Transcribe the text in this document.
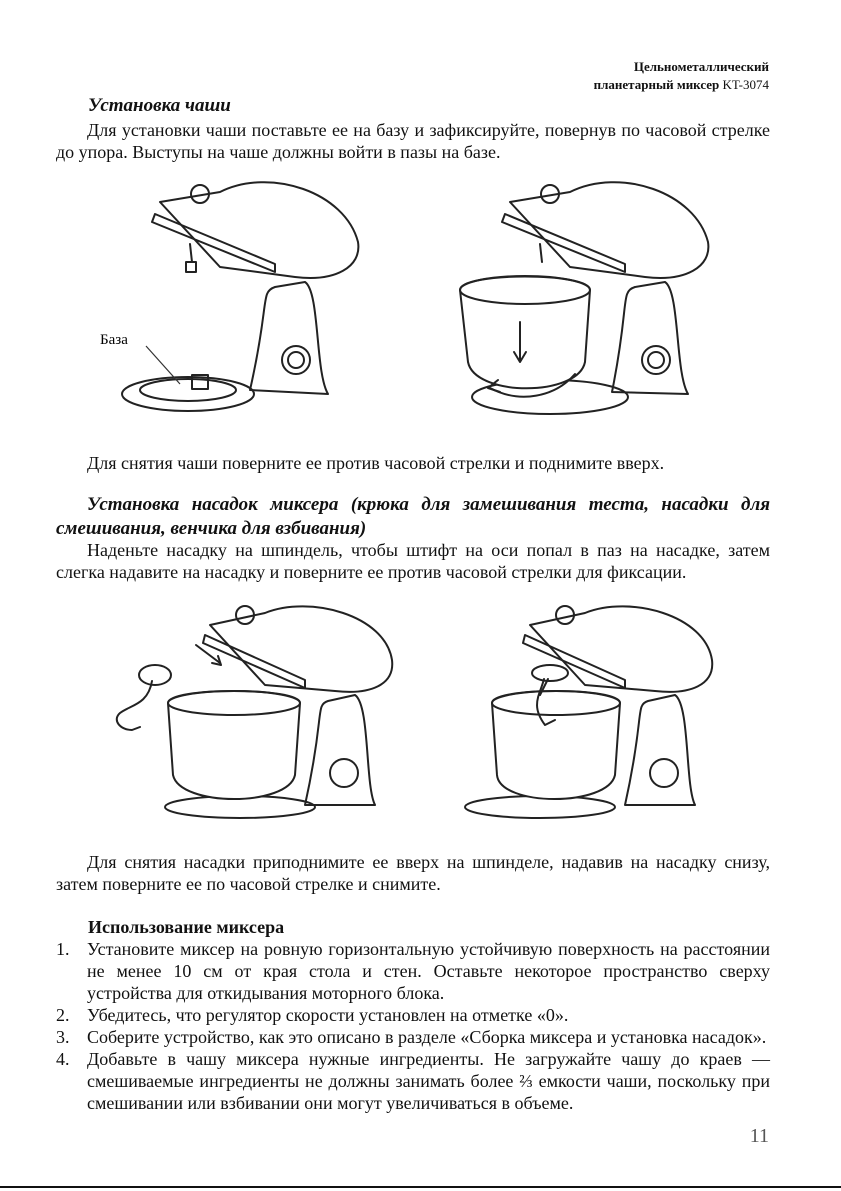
Цельнометаллический
планетарный миксер KT-3074
Установка чаши
Для установки чаши поставьте ее на базу и зафиксируйте, повернув по часовой стрелке до упора. Выступы на чаше должны войти в пазы на базе.
База
Для снятия чаши поверните ее против часовой стрелки и поднимите вверх.
Установка насадок миксера (крюка для замешивания теста, насадки для смешивания, венчика для взбивания)
Наденьте насадку на шпиндель, чтобы штифт на оси попал в паз на насадке, затем слегка надавите на насадку и поверните ее против часовой стрелки для фиксации.
Для снятия насадки приподнимите ее вверх на шпинделе, надавив на насадку снизу, затем поверните ее по часовой стрелке и снимите.
Использование миксера
1. Установите миксер на ровную горизонтальную устойчивую поверхность на расстоянии не менее 10 см от края стола и стен. Оставьте некоторое пространство сверху устройства для откидывания моторного блока.
2. Убедитесь, что регулятор скорости установлен на отметке «0».
3. Соберите устройство, как это описано в разделе «Сборка миксера и установка насадок».
4. Добавьте в чашу миксера нужные ингредиенты. Не загружайте чашу до краев — смешиваемые ингредиенты не должны занимать более ⅔ емкости чаши, поскольку при смешивании или взбивании они могут увеличиваться в объеме.
11
